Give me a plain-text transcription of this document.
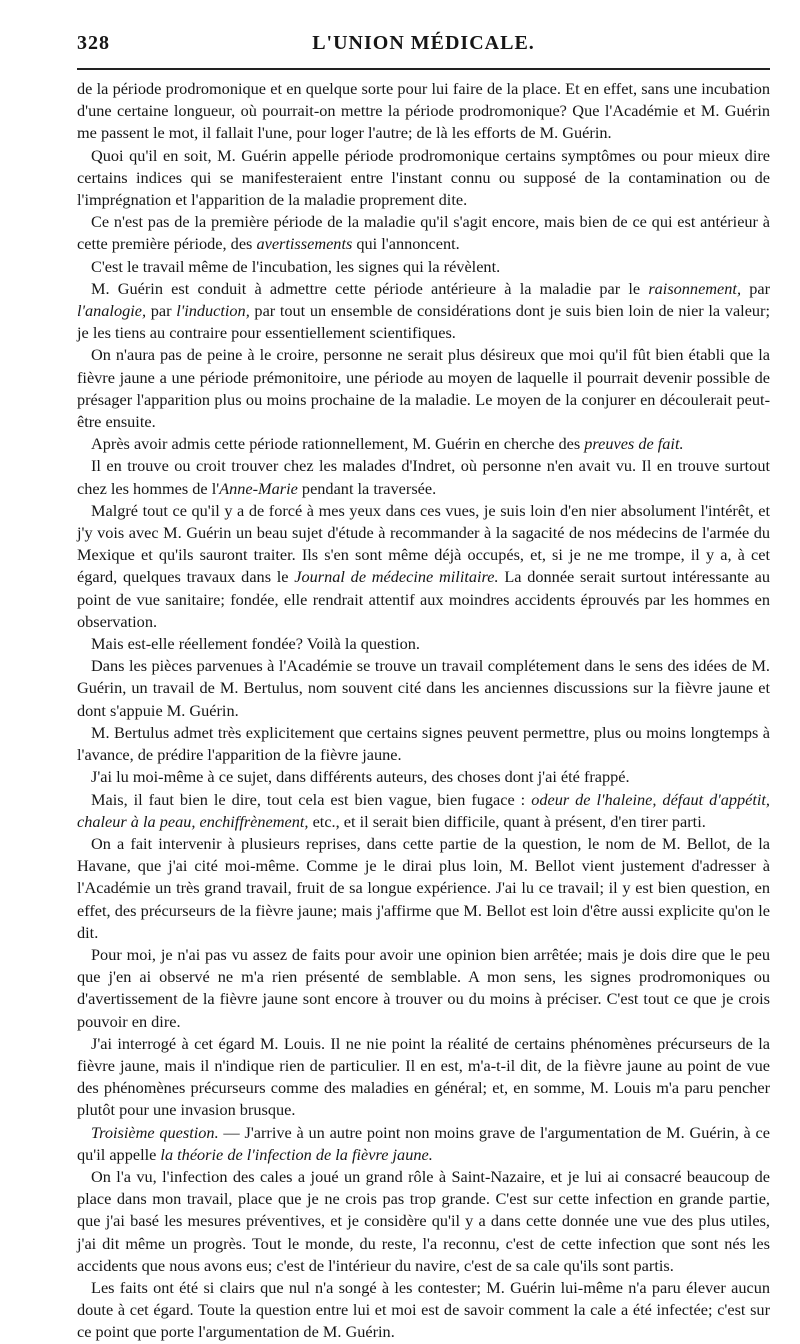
328	L'UNION MÉDICALE.

de la période prodromonique et en quelque sorte pour lui faire de la place. Et en effet, sans une incubation d'une certaine longueur, où pourrait-on mettre la période prodromonique? Que l'Académie et M. Guérin me passent le mot, il fallait l'une, pour loger l'autre; de là les efforts de M. Guérin.

Quoi qu'il en soit, M. Guérin appelle période prodromonique certains symptômes ou pour mieux dire certains indices qui se manifesteraient entre l'instant connu ou supposé de la contamination ou de l'imprégnation et l'apparition de la maladie proprement dite.

Ce n'est pas de la première période de la maladie qu'il s'agit encore, mais bien de ce qui est antérieur à cette première période, des avertissements qui l'annoncent.

C'est le travail même de l'incubation, les signes qui la révèlent.

M. Guérin est conduit à admettre cette période antérieure à la maladie par le raisonnement, par l'analogie, par l'induction, par tout un ensemble de considérations dont je suis bien loin de nier la valeur; je les tiens au contraire pour essentiellement scientifiques.

On n'aura pas de peine à le croire, personne ne serait plus désireux que moi qu'il fût bien établi que la fièvre jaune a une période prémonitoire, une période au moyen de laquelle il pourrait devenir possible de présager l'apparition plus ou moins prochaine de la maladie. Le moyen de la conjurer en découlerait peut-être ensuite.

Après avoir admis cette période rationnellement, M. Guérin en cherche des preuves de fait.

Il en trouve ou croit trouver chez les malades d'Indret, où personne n'en avait vu. Il en trouve surtout chez les hommes de l'Anne-Marie pendant la traversée.

Malgré tout ce qu'il y a de forcé à mes yeux dans ces vues, je suis loin d'en nier absolument l'intérêt, et j'y vois avec M. Guérin un beau sujet d'étude à recommander à la sagacité de nos médecins de l'armée du Mexique et qu'ils sauront traiter. Ils s'en sont même déjà occupés, et, si je ne me trompe, il y a, à cet égard, quelques travaux dans le Journal de médecine militaire. La donnée serait surtout intéressante au point de vue sanitaire; fondée, elle rendrait attentif aux moindres accidents éprouvés par les hommes en observation.

Mais est-elle réellement fondée? Voilà la question.

Dans les pièces parvenues à l'Académie se trouve un travail complétement dans le sens des idées de M. Guérin, un travail de M. Bertulus, nom souvent cité dans les anciennes discussions sur la fièvre jaune et dont s'appuie M. Guérin.

M. Bertulus admet très explicitement que certains signes peuvent permettre, plus ou moins longtemps à l'avance, de prédire l'apparition de la fièvre jaune.

J'ai lu moi-même à ce sujet, dans différents auteurs, des choses dont j'ai été frappé.

Mais, il faut bien le dire, tout cela est bien vague, bien fugace : odeur de l'haleine, défaut d'appétit, chaleur à la peau, enchiffrènement, etc., et il serait bien difficile, quant à présent, d'en tirer parti.

On a fait intervenir à plusieurs reprises, dans cette partie de la question, le nom de M. Bellot, de la Havane, que j'ai cité moi-même. Comme je le dirai plus loin, M. Bellot vient justement d'adresser à l'Académie un très grand travail, fruit de sa longue expérience. J'ai lu ce travail; il y est bien question, en effet, des précurseurs de la fièvre jaune; mais j'affirme que M. Bellot est loin d'être aussi explicite qu'on le dit.

Pour moi, je n'ai pas vu assez de faits pour avoir une opinion bien arrêtée; mais je dois dire que le peu que j'en ai observé ne m'a rien présenté de semblable. A mon sens, les signes prodromoniques ou d'avertissement de la fièvre jaune sont encore à trouver ou du moins à préciser. C'est tout ce que je crois pouvoir en dire.

J'ai interrogé à cet égard M. Louis. Il ne nie point la réalité de certains phénomènes précurseurs de la fièvre jaune, mais il n'indique rien de particulier. Il en est, m'a-t-il dit, de la fièvre jaune au point de vue des phénomènes précurseurs comme des maladies en général; et, en somme, M. Louis m'a paru pencher plutôt pour une invasion brusque.

Troisième question. — J'arrive à un autre point non moins grave de l'argumentation de M. Guérin, à ce qu'il appelle la théorie de l'infection de la fièvre jaune.

On l'a vu, l'infection des cales a joué un grand rôle à Saint-Nazaire, et je lui ai consacré beaucoup de place dans mon travail, place que je ne crois pas trop grande. C'est sur cette infection en grande partie, que j'ai basé les mesures préventives, et je considère qu'il y a dans cette donnée une vue des plus utiles, j'ai dit même un progrès. Tout le monde, du reste, l'a reconnu, c'est de cette infection que sont nés les accidents que nous avons eus; c'est de l'intérieur du navire, c'est de sa cale qu'ils sont partis.

Les faits ont été si clairs que nul n'a songé à les contester; M. Guérin lui-même n'a paru élever aucun doute à cet égard. Toute la question entre lui et moi est de savoir comment la cale a été infectée; c'est sur ce point que porte l'argumentation de M. Guérin.
